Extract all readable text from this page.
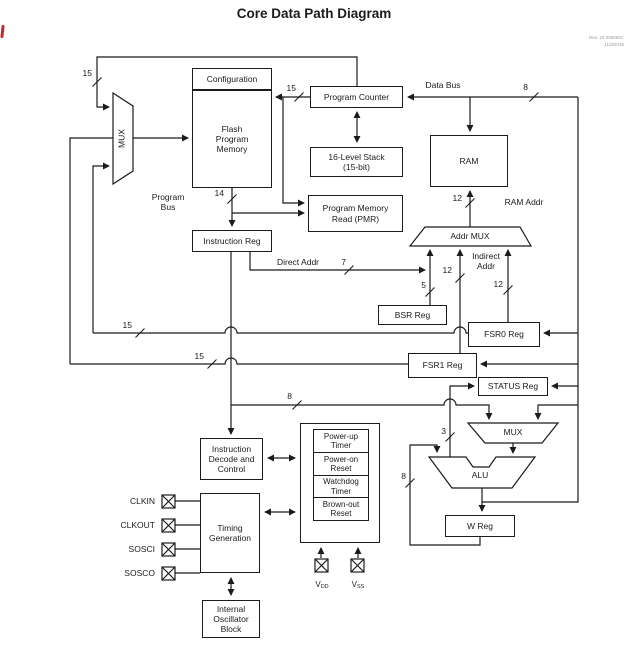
Core Data Path Diagram
Rev. 10-000055C
11/3/2016
Configuration
Flash
Program
Memory
Program Counter
16-Level Stack
(15-bit)
Program Memory
Read (PMR)
RAM
Instruction Reg
BSR Reg
FSR0 Reg
FSR1 Reg
STATUS Reg
W Reg
Instruction
Decode and
Control
Power-up
Timer
Power-on
Reset
Watchdog
Timer
Brown-out
Reset
Timing
Generation
Internal
Oscillator
Block
MUX
Addr MUX
MUX
ALU
Data Bus
RAM Addr
Program
Bus
Direct Addr
Indirect
Addr
CLKIN
CLKOUT
SOSCI
SOSCO
VDD	VSS
15
15	8
14	12
7
5
12
12
15
15
8
3
8
